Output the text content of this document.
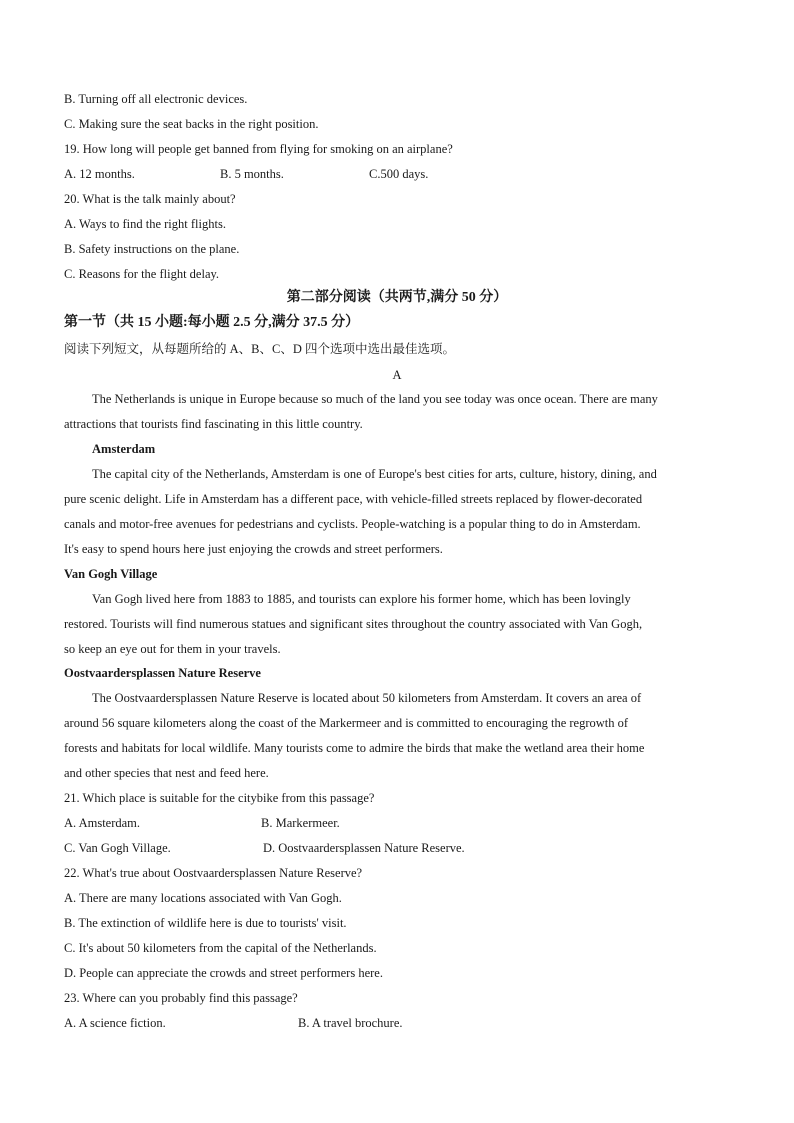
B. Turning off all electronic devices.
C. Making sure the seat backs in the right position.
19. How long will people get banned from flying for smoking on an airplane?
A. 12 months.	B. 5 months.	C.500 days.
20. What is the talk mainly about?
A. Ways to find the right flights.
B. Safety instructions on the plane.
C. Reasons for the flight delay.
第二部分阅读（共两节,满分 50 分）
第一节（共 15 小题:每小题 2.5 分,满分 37.5 分）
阅读下列短文，从每题所给的 A、B、C、D 四个选项中选出最佳选项。
A
The Netherlands is unique in Europe because so much of the land you see today was once ocean. There are many
attractions that tourists find fascinating in this little country.
Amsterdam
The capital city of the Netherlands, Amsterdam is one of Europe's best cities for arts, culture, history, dining, and
pure scenic delight. Life in Amsterdam has a different pace, with vehicle-filled streets replaced by flower-decorated
canals and motor-free avenues for pedestrians and cyclists. People-watching is a popular thing to do in Amsterdam.
It's easy to spend hours here just enjoying the crowds and street performers.
Van Gogh Village
Van Gogh lived here from 1883 to 1885, and tourists can explore his former home, which has been lovingly
restored. Tourists will find numerous statues and significant sites throughout the country associated with Van Gogh,
so keep an eye out for them in your travels.
Oostvaardersplassen Nature Reserve
The Oostvaardersplassen Nature Reserve is located about 50 kilometers from Amsterdam. It covers an area of
around 56 square kilometers along the coast of the Markermeer and is committed to encouraging the regrowth of
forests and habitats for local wildlife. Many tourists come to admire the birds that make the wetland area their home
and other species that nest and feed here.
21. Which place is suitable for the citybike from this passage?
A. Amsterdam.	B. Markermeer.
C. Van Gogh Village.	D. Oostvaardersplassen Nature Reserve.
22. What's true about Oostvaardersplassen Nature Reserve?
A. There are many locations associated with Van Gogh.
B. The extinction of wildlife here is due to tourists' visit.
C. It's about 50 kilometers from the capital of the Netherlands.
D. People can appreciate the crowds and street performers here.
23. Where can you probably find this passage?
A. A science fiction.	B. A travel brochure.
